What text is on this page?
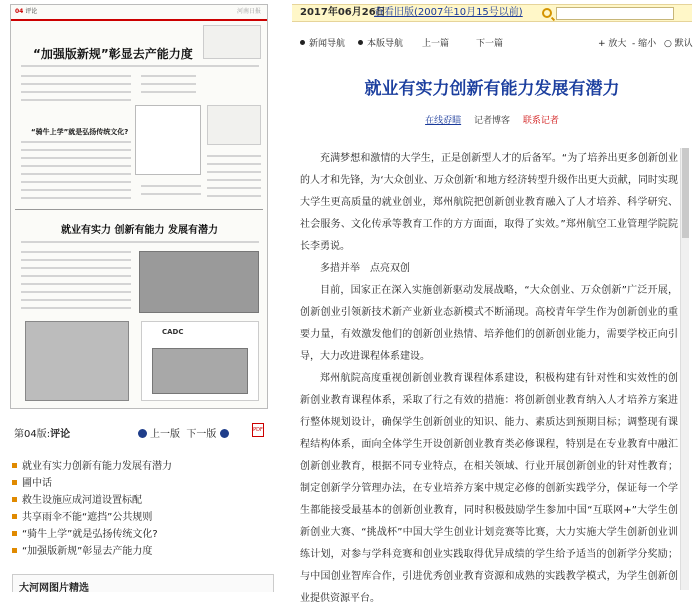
04 评论	河南日报
“加强版新规”彰显去产能力度
“骑牛上学”就是弘扬传统文化?
就业有实力 创新有能力 发展有潜力
CADC
第04版:评论	上一版 下一版	PDF
就业有实力创新有能力发展有潜力
圃中话
救生设施应成河道设置标配
共享雨伞不能“遮挡”公共规则
“骑牛上学”就是弘扬传统文化?
“加强版新规”彰显去产能力度
大河网图片精选
2017年06月26日
查看旧版(2007年10月15号以前)
新闻导航	本版导航 上一篇	下一篇	+ 放大 - 缩小 ○ 默认
就业有实力创新有能力发展有潜力
在线孬瞄 记者博客 联系记者

充满梦想和激情的大学生，正是创新型人才的后备军。“为了培养出更多创新创业的人才和先锋，为‘大众创业、万众创新’和地方经济转型升级作出更大贡献，同时实现大学生更高质量的就业创业，郑州航院把创新创业教育融入了人才培养、科学研究、社会服务、文化传承等教育工作的方方面面，取得了实效。”郑州航空工业管理学院院长李勇说。

多措并举　点亮双创

目前，国家正在深入实施创新驱动发展战略，“大众创业、万众创新”广泛开展，创新创业引领新技术新产业新业态新模式不断涌现。高校青年学生作为创新创业的重要力量，有效激发他们的创新创业热情、培养他们的创新创业能力，需要学校正向引导，大力改进课程体系建设。

郑州航院高度重视创新创业教育课程体系建设，积极构建有针对性和实效性的创新创业教育课程体系，采取了行之有效的措施：将创新创业教育纳入人才培养方案进行整体规划设计，确保学生创新创业的知识、能力、素质达到预期目标；调整现有课程结构体系，面向全体学生开设创新创业教育类必修课程，特别是在专业教育中融汇创新创业教育，根据不同专业特点，在相关领域、行业开展创新创业的针对性教育；制定创新学分管理办法，在专业培养方案中规定必修的创新实践学分，保证每一个学生都能接受最基本的创新创业教育，同时积极鼓励学生参加中国“互联网+”大学生创新创业大赛、“挑战杯”中国大学生创业计划竞赛等比赛，大力实施大学生创新创业训练计划，对参与学科竞赛和创业实践取得优异成绩的学生给予适当的创新学分奖励；与中国创业智库合作，引进优秀创业教育资源和成熟的实践教学模式，为学生创新创业提供资源平台。
